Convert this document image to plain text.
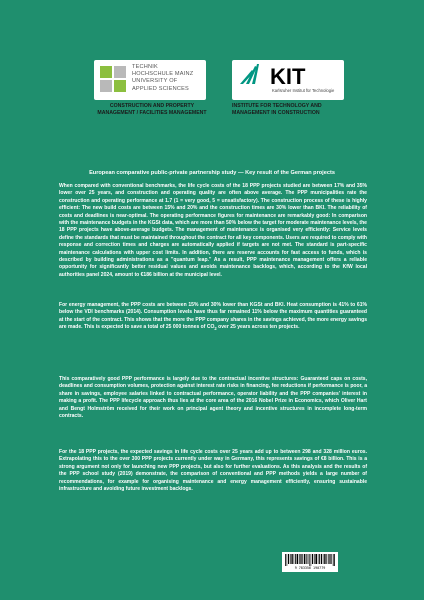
TECHNIK
HOCHSCHULE MAINZ
UNIVERSITY OF
APPLIED SCIENCES
CONSTRUCTION AND PROPERTY MANAGEMENT / FACILITIES MANAGEMENT
KIT
Karlsruher Institut für Technologie
INSTITUTE FOR TECHNOLOGY AND MANAGEMENT IN CONSTRUCTION
European comparative public-private partnership study — Key result of the German projects
When compared with conventional benchmarks, the life cycle costs of the 18 PPP projects studied are between 17% and 35% lower over 25 years, and construction and operating quality are often above average. The PPP municipalities rate the construction and operating performance at 1.7 (1 = very good, 5 = unsatisfactory). The construction process of these is highly efficient: The new build costs are between 15% and 20% and the construction times are 30% lower than BKI. The reliability of costs and deadlines is near-optimal. The operating performance figures for maintenance are remarkably good: In comparison with the maintenance budgets in the KGSt data, which are more than 50% below the target for moderate maintenance levels, the 18 PPP projects have above-average budgets. The management of maintenance is organised very efficiently: Service levels define the standards that must be maintained throughout the contract for all key components. Users are required to comply with response and correction times and charges are automatically applied if targets are not met. The standard is part-specific maintenance calculations with upper cost limits. In addition, there are reserve accounts for fast access to funds, which is described by building administrations as a "quantum leap." As a result, PPP maintenance management offers a reliable opportunity for significantly better residual values and avoids maintenance backlogs, which, according to the KfW local authorities panel 2024, amount to €186 billion at the municipal level.
For energy management, the PPP costs are between 15% and 30% lower than KGSt and BKI. Heat consumption is 41% to 61% below the VDI benchmarks (2014). Consumption levels have thus far remained 11% below the maximum quantities guaranteed at the start of the contract. This shows that the more the PPP company shares in the savings achieved, the more energy savings are made. This is expected to save a total of 25 000 tonnes of $CO_2$ over 25 years across ten projects.
This comparatively good PPP performance is largely due to the contractual incentive structures: Guaranteed caps on costs, deadlines and consumption volumes, protection against interest rate risks in financing, fee reductions if performance is poor, a share in savings, employee salaries linked to contractual performance, operator liability and the PPP companies' interest in making a profit. The PPP lifecycle approach thus lies at the core area of the 2016 Nobel Prize in Economics, which Oliver Hart and Bengt Holmström received for their work on principal agent theory and incentive structures in incomplete long-term contracts.
For the 18 PPP projects, the expected savings in life cycle costs over 25 years add up to between 298 and 328 million euros. Extrapolating this to the over 300 PPP projects currently under way in Germany, this represents savings of €8 billion. This is a strong argument not only for launching new PPP projects, but also for further evaluations. As this analysis and the results of the PPP school study (2019) demonstrate, the comparison of conventional and PPP methods yields a large number of recommendations, for example for organising maintenance and energy management efficiently, ensuring sustainable infrastructure and avoiding future investment backlogs.
9 783356 190779
